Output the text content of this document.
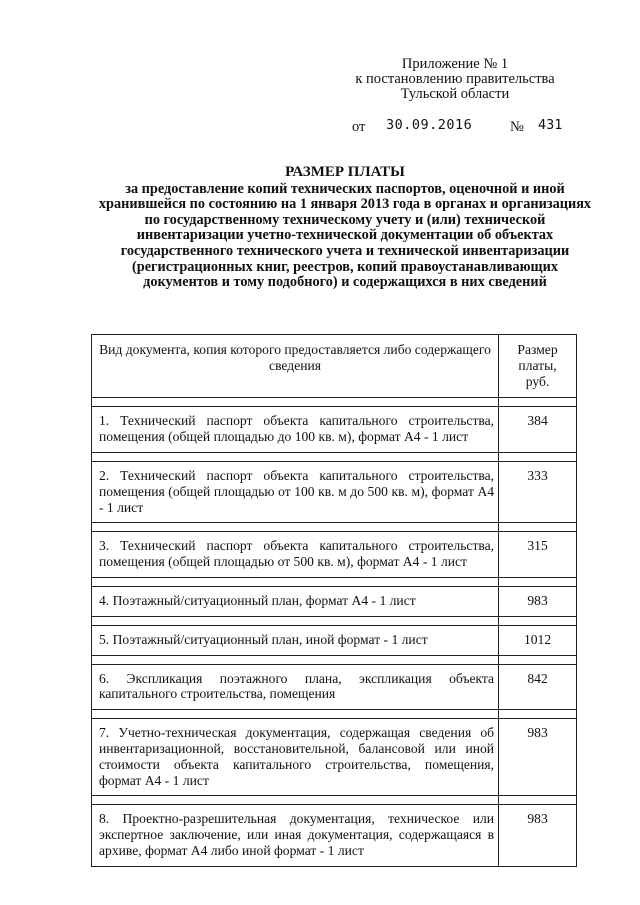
Приложение № 1
к постановлению правительства
Тульской области
от 30.09.2016	№ 431
РАЗМЕР ПЛАТЫ
за предоставление копий технических паспортов, оценочной и иной хранившейся по состоянию на 1 января 2013 года в органах и организациях по государственному техническому учету и (или) технической инвентаризации учетно-технической документации об объектах государственного технического учета и технической инвентаризации (регистрационных книг, реестров, копий правоустанавливающих документов и тому подобного) и содержащихся в них сведений
Вид документа, копия которого предоставляется либо содержащего сведения	Размер платы, руб.

1. Технический паспорт объекта капитального строительства, помещения (общей площадью до 100 кв. м), формат А4 - 1 лист	384

2. Технический паспорт объекта капитального строительства, помещения (общей площадью от 100 кв. м до 500 кв. м), формат А4 - 1 лист	333

3. Технический паспорт объекта капитального строительства, помещения (общей площадью от 500 кв. м), формат А4 - 1 лист	315

4. Поэтажный/ситуационный план, формат А4 - 1 лист	983

5. Поэтажный/ситуационный план, иной формат - 1 лист	1012

6. Экспликация поэтажного плана, экспликация объекта капитального строительства, помещения	842

7. Учетно-техническая документация, содержащая сведения об инвентаризационной, восстановительной, балансовой или иной стоимости объекта капитального строительства, помещения, формат А4 - 1 лист	983

8. Проектно-разрешительная документация, техническое или экспертное заключение, или иная документация, содержащаяся в архиве, формат А4 либо иной формат - 1 лист	983
